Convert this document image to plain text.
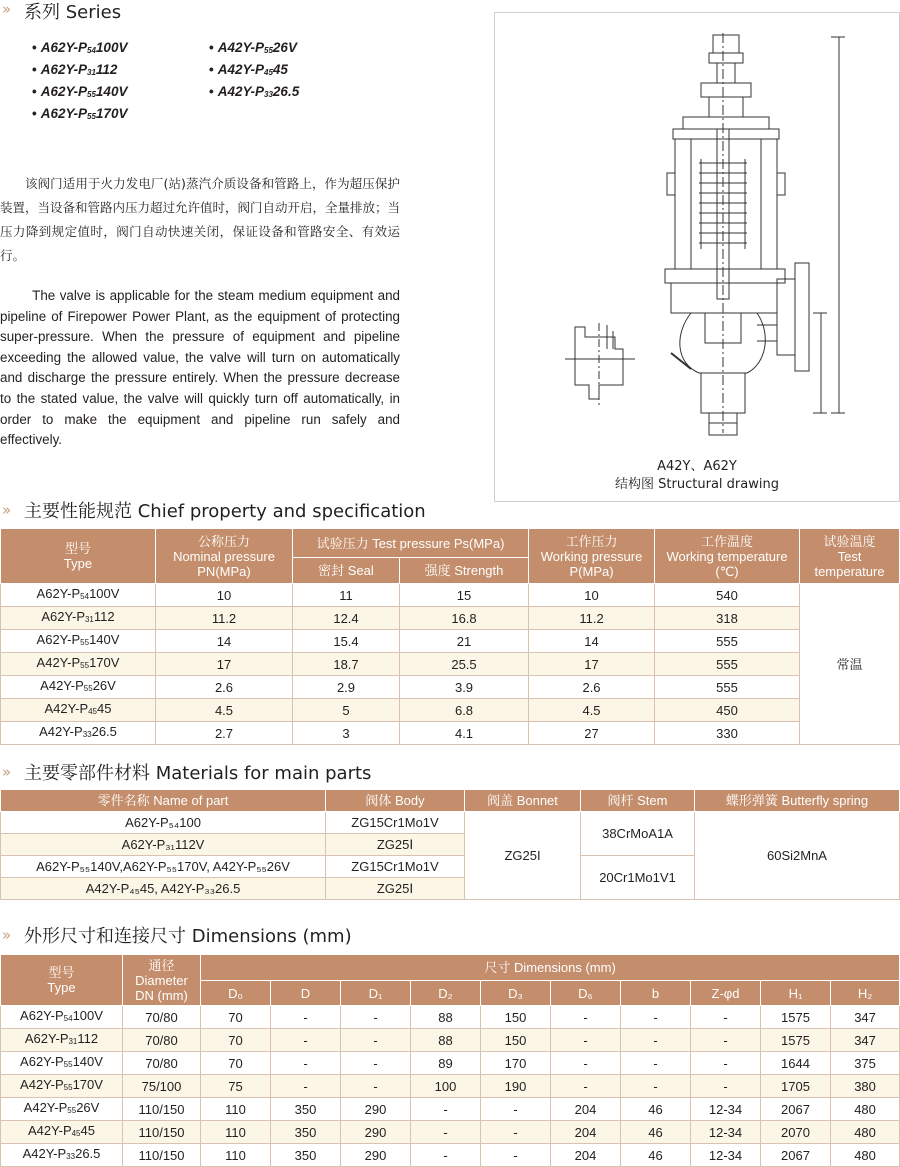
» 系列 Series
• $A62Y-P_{54}100V$
• $A62Y-P_{31}112$
• $A62Y-P_{55}140V$
• $A62Y-P_{55}170V$
• $A42Y-P_{55}26V$
• $A42Y-P_{45}45$
• $A42Y-P_{33}26.5$
该阀门适用于火力发电厂(站)蒸汽介质设备和管路上，作为超压保护装置，当设备和管路内压力超过允许值时，阀门自动开启，全量排放；当压力降到规定值时，阀门自动快速关闭，保证设备和管路安全、有效运行。
The valve is applicable for the steam medium equipment and pipeline of Firepower Power Plant, as the equipment of protecting super-pressure. When the pressure of equipment and pipeline exceeding the allowed value, the valve will turn on automatically and discharge the pressure entirely. When the pressure decrease to the stated value, the valve will quickly turn off automatically, in order to make the equipment and pipeline run safely and effectively.
A42Y、A62Y
结构图 Structural drawing
» 主要性能规范 Chief property and specification
型号
Type	公称压力
Nominal pressure
PN(MPa)	试验压力 Test pressure Ps(MPa)		工作压力
Working pressure
P(MPa)	工作温度
Working temperature
(℃)	试验温度
Test
temperature
		密封 Seal	强度 Strength			
$A62Y-P_{54}100V$	10	11	15	10	540	常温
$A62Y-P_{31}112$	11.2	12.4	16.8	11.2	318	
$A62Y-P_{55}140V$	14	15.4	21	14	555	
$A42Y-P_{55}170V$	17	18.7	25.5	17	555	
$A42Y-P_{55}26V$	2.6	2.9	3.9	2.6	555	
$A42Y-P_{45}45$	4.5	5	6.8	4.5	450	
$A42Y-P_{33}26.5$	2.7	3	4.1	27	330	
» 主要零部件材料 Materials for main parts
零件名称 Name of part	阀体 Body	阀盖 Bonnet	阀杆 Stem	蝶形弹簧 Butterfly spring
A62Y-P₅₄100	ZG15Cr1Mo1V	ZG25I	38CrMoA1A	60Si2MnA
A62Y-P₃₁112V	ZG25Ⅰ			
A62Y-P₅₅140V,A62Y-P₅₅170V, A42Y-P₅₅26V	ZG15Cr1Mo1V		20Cr1Mo1V1	
A42Y-P₄₅45, A42Y-P₃₃26.5	ZG25Ⅰ			
» 外形尺寸和连接尺寸 Dimensions (mm)
型号
Type	通径
Diameter
DN (mm)	尺寸 Dimensions (mm)									
		D₀	D	D₁	D₂	D₃	D₆	b	Z-φd	H₁	H₂
$A62Y-P_{54}100V$	70/80	70	-	-	88	150	-	-	-	1575	347
$A62Y-P_{31}112$	70/80	70	-	-	88	150	-	-	-	1575	347
$A62Y-P_{55}140V$	70/80	70	-	-	89	170	-	-	-	1644	375
$A42Y-P_{55}170V$	75/100	75	-	-	100	190	-	-	-	1705	380
$A42Y-P_{55}26V$	110/150	110	350	290	-	-	204	46	12-34	2067	480
$A42Y-P_{45}45$	110/150	110	350	290	-	-	204	46	12-34	2070	480
$A42Y-P_{33}26.5$	110/150	110	350	290	-	-	204	46	12-34	2067	480
